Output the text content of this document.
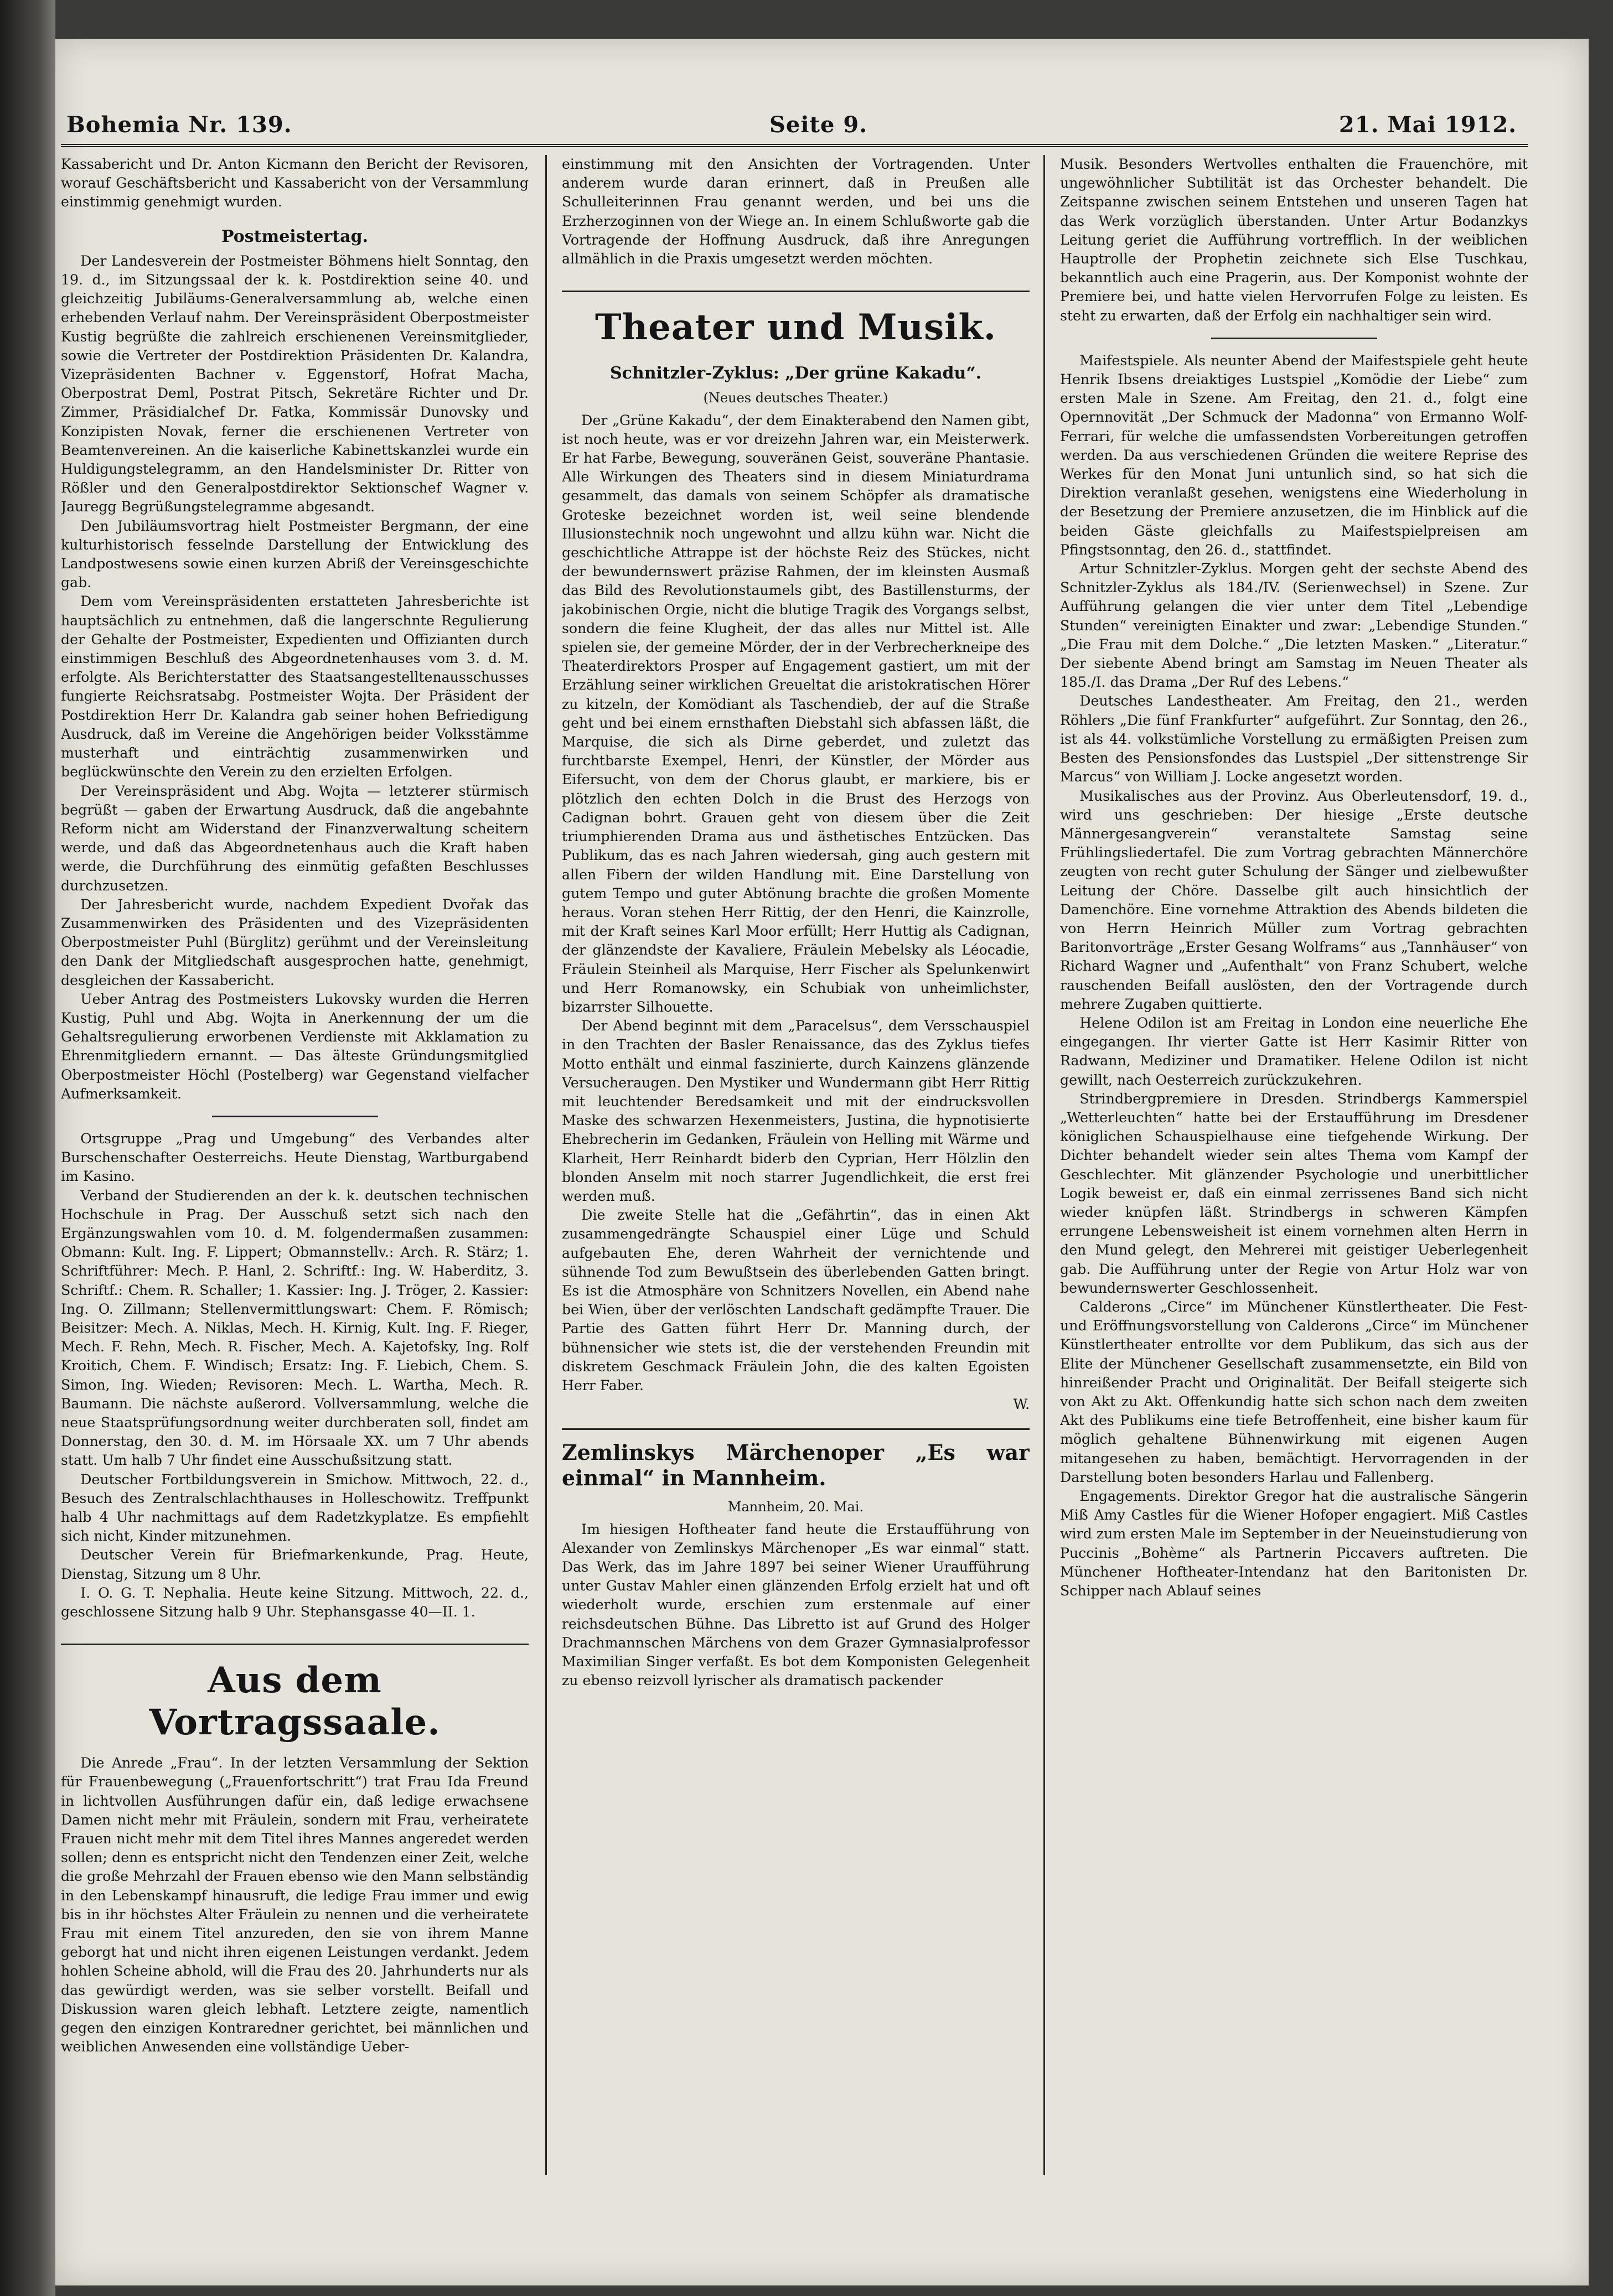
Bohemia Nr. 139.	Seite 9.	21. Mai 1912.

Kassabericht und Dr. Anton Kicmann den Bericht der Revisoren, worauf Geschäftsbericht und Kassabericht von der Versammlung einstimmig genehmigt wurden.

Postmeistertag.

Der Landesverein der Postmeister Böhmens hielt Sonntag, den 19. d., im Sitzungssaal der k. k. Postdirektion seine 40. und gleichzeitig Jubiläums-Generalversammlung ab, welche einen erhebenden Verlauf nahm. Der Vereinspräsident Oberpostmeister Kustig begrüßte die zahlreich erschienenen Vereinsmitglieder, sowie die Vertreter der Postdirektion Präsidenten Dr. Kalandra, Vizepräsidenten Bachner v. Eggenstorf, Hofrat Macha, Oberpostrat Deml, Postrat Pitsch, Sekretäre Richter und Dr. Zimmer, Präsidialchef Dr. Fatka, Kommissär Dunovsky und Konzipisten Novak, ferner die erschienenen Vertreter von Beamtenvereinen. An die kaiserliche Kabinettskanzlei wurde ein Huldigungstelegramm, an den Handelsminister Dr. Ritter von Rößler und den Generalpostdirektor Sektionschef Wagner v. Jauregg Begrüßungstelegramme abgesandt.

Den Jubiläumsvortrag hielt Postmeister Bergmann, der eine kulturhistorisch fesselnde Darstellung der Entwicklung des Landpostwesens sowie einen kurzen Abriß der Vereinsgeschichte gab.

Dem vom Vereinspräsidenten erstatteten Jahresberichte ist hauptsächlich zu entnehmen, daß die langerschnte Regulierung der Gehalte der Postmeister, Expedienten und Offizianten durch einstimmigen Beschluß des Abgeordnetenhauses vom 3. d. M. erfolgte. Als Berichterstatter des Staatsangestelltenausschusses fungierte Reichsratsabg. Postmeister Wojta. Der Präsident der Postdirektion Herr Dr. Kalandra gab seiner hohen Befriedigung Ausdruck, daß im Vereine die Angehörigen beider Volksstämme musterhaft und einträchtig zusammenwirken und beglückwünschte den Verein zu den erzielten Erfolgen.

Der Vereinspräsident und Abg. Wojta — letzterer stürmisch begrüßt — gaben der Erwartung Ausdruck, daß die angebahnte Reform nicht am Widerstand der Finanzverwaltung scheitern werde, und daß das Abgeordnetenhaus auch die Kraft haben werde, die Durchführung des einmütig gefaßten Beschlusses durchzusetzen.

Der Jahresbericht wurde, nachdem Expedient Dvořak das Zusammenwirken des Präsidenten und des Vizepräsidenten Oberpostmeister Puhl (Bürglitz) gerühmt und der Vereinsleitung den Dank der Mitgliedschaft ausgesprochen hatte, genehmigt, desgleichen der Kassabericht.

Ueber Antrag des Postmeisters Lukovsky wurden die Herren Kustig, Puhl und Abg. Wojta in Anerkennung der um die Gehaltsregulierung erworbenen Verdienste mit Akklamation zu Ehrenmitgliedern ernannt. — Das älteste Gründungsmitglied Oberpostmeister Höchl (Postelberg) war Gegenstand vielfacher Aufmerksamkeit.

Ortsgruppe „Prag und Umgebung“ des Verbandes alter Burschenschafter Oesterreichs. Heute Dienstag, Wartburgabend im Kasino.

Verband der Studierenden an der k. k. deutschen technischen Hochschule in Prag. Der Ausschuß setzt sich nach den Ergänzungswahlen vom 10. d. M. folgendermaßen zusammen: Obmann: Kult. Ing. F. Lippert; Obmannstellv.: Arch. R. Stärz; 1. Schriftführer: Mech. P. Hanl, 2. Schriftf.: Ing. W. Haberditz, 3. Schriftf.: Chem. R. Schaller; 1. Kassier: Ing. J. Tröger, 2. Kassier: Ing. O. Zillmann; Stellenvermittlungswart: Chem. F. Römisch; Beisitzer: Mech. A. Niklas, Mech. H. Kirnig, Kult. Ing. F. Rieger, Mech. F. Rehn, Mech. R. Fischer, Mech. A. Kajetofsky, Ing. Rolf Kroitich, Chem. F. Windisch; Ersatz: Ing. F. Liebich, Chem. S. Simon, Ing. Wieden; Revisoren: Mech. L. Wartha, Mech. R. Baumann. Die nächste außerord. Vollversammlung, welche die neue Staatsprüfungsordnung weiter durchberaten soll, findet am Donnerstag, den 30. d. M. im Hörsaale XX. um 7 Uhr abends statt. Um halb 7 Uhr findet eine Ausschußsitzung statt.

Deutscher Fortbildungsverein in Smichow. Mittwoch, 22. d., Besuch des Zentralschlachthauses in Holleschowitz. Treffpunkt halb 4 Uhr nachmittags auf dem Radetzkyplatze. Es empfiehlt sich nicht, Kinder mitzunehmen.

Deutscher Verein für Briefmarkenkunde, Prag. Heute, Dienstag, Sitzung um 8 Uhr.

I. O. G. T. Nephalia. Heute keine Sitzung. Mittwoch, 22. d., geschlossene Sitzung halb 9 Uhr. Stephansgasse 40—II. 1.

Aus dem Vortragssaale.

Die Anrede „Frau“. In der letzten Versammlung der Sektion für Frauenbewegung („Frauenfortschritt“) trat Frau Ida Freund in lichtvollen Ausführungen dafür ein, daß ledige erwachsene Damen nicht mehr mit Fräulein, sondern mit Frau, verheiratete Frauen nicht mehr mit dem Titel ihres Mannes angeredet werden sollen; denn es entspricht nicht den Tendenzen einer Zeit, welche die große Mehrzahl der Frauen ebenso wie den Mann selbständig in den Lebenskampf hinausruft, die ledige Frau immer und ewig bis in ihr höchstes Alter Fräulein zu nennen und die verheiratete Frau mit einem Titel anzureden, den sie von ihrem Manne geborgt hat und nicht ihren eigenen Leistungen verdankt. Jedem hohlen Scheine abhold, will die Frau des 20. Jahrhunderts nur als das gewürdigt werden, was sie selber vorstellt. Beifall und Diskussion waren gleich lebhaft. Letztere zeigte, namentlich gegen den einzigen Kontraredner gerichtet, bei männlichen und weiblichen Anwesenden eine vollständige Ueber-

einstimmung mit den Ansichten der Vortragenden. Unter anderem wurde daran erinnert, daß in Preußen alle Schulleiterinnen Frau genannt werden, und bei uns die Erzherzoginnen von der Wiege an. In einem Schlußworte gab die Vortragende der Hoffnung Ausdruck, daß ihre Anregungen allmählich in die Praxis umgesetzt werden möchten.

Theater und Musik.
Schnitzler-Zyklus: „Der grüne Kakadu“.
(Neues deutsches Theater.)

Der „Grüne Kakadu“, der dem Einakterabend den Namen gibt, ist noch heute, was er vor dreizehn Jahren war, ein Meisterwerk. Er hat Farbe, Bewegung, souveränen Geist, souveräne Phantasie. Alle Wirkungen des Theaters sind in diesem Miniaturdrama gesammelt, das damals von seinem Schöpfer als dramatische Groteske bezeichnet worden ist, weil seine blendende Illusionstechnik noch ungewohnt und allzu kühn war. Nicht die geschichtliche Attrappe ist der höchste Reiz des Stückes, nicht der bewundernswert präzise Rahmen, der im kleinsten Ausmaß das Bild des Revolutionstaumels gibt, des Bastillensturms, der jakobinischen Orgie, nicht die blutige Tragik des Vorgangs selbst, sondern die feine Klugheit, der das alles nur Mittel ist. Alle spielen sie, der gemeine Mörder, der in der Verbrecherkneipe des Theaterdirektors Prosper auf Engagement gastiert, um mit der Erzählung seiner wirklichen Greueltat die aristokratischen Hörer zu kitzeln, der Komödiant als Taschendieb, der auf die Straße geht und bei einem ernsthaften Diebstahl sich abfassen läßt, die Marquise, die sich als Dirne geberdet, und zuletzt das furchtbarste Exempel, Henri, der Künstler, der Mörder aus Eifersucht, von dem der Chorus glaubt, er markiere, bis er plötzlich den echten Dolch in die Brust des Herzogs von Cadignan bohrt. Grauen geht von diesem über die Zeit triumphierenden Drama aus und ästhetisches Entzücken. Das Publikum, das es nach Jahren wiedersah, ging auch gestern mit allen Fibern der wilden Handlung mit. Eine Darstellung von gutem Tempo und guter Abtönung brachte die großen Momente heraus. Voran stehen Herr Rittig, der den Henri, die Kainzrolle, mit der Kraft seines Karl Moor erfüllt; Herr Huttig als Cadignan, der glänzendste der Kavaliere, Fräulein Mebelsky als Léocadie, Fräulein Steinheil als Marquise, Herr Fischer als Spelunkenwirt und Herr Romanowsky, ein Schubiak von unheimlichster, bizarrster Silhouette.

Der Abend beginnt mit dem „Paracelsus“, dem Versschauspiel in den Trachten der Basler Renaissance, das des Zyklus tiefes Motto enthält und einmal faszinierte, durch Kainzens glänzende Versucheraugen. Den Mystiker und Wundermann gibt Herr Rittig mit leuchtender Beredsamkeit und mit der eindrucksvollen Maske des schwarzen Hexenmeisters, Justina, die hypnotisierte Ehebrecherin im Gedanken, Fräulein von Helling mit Wärme und Klarheit, Herr Reinhardt biderb den Cyprian, Herr Hölzlin den blonden Anselm mit noch starrer Jugendlichkeit, die erst frei werden muß.

Die zweite Stelle hat die „Gefährtin“, das in einen Akt zusammengedrängte Schauspiel einer Lüge und Schuld aufgebauten Ehe, deren Wahrheit der vernichtende und sühnende Tod zum Bewußtsein des überlebenden Gatten bringt. Es ist die Atmosphäre von Schnitzers Novellen, ein Abend nahe bei Wien, über der verlöschten Landschaft gedämpfte Trauer. Die Partie des Gatten führt Herr Dr. Manning durch, der bühnensicher wie stets ist, die der verstehenden Freundin mit diskretem Geschmack Fräulein John, die des kalten Egoisten Herr Faber.

W.

Zemlinskys Märchenoper „Es war einmal“ in Mannheim.
Mannheim, 20. Mai.

Im hiesigen Hoftheater fand heute die Erstaufführung von Alexander von Zemlinskys Märchenoper „Es war einmal“ statt. Das Werk, das im Jahre 1897 bei seiner Wiener Uraufführung unter Gustav Mahler einen glänzenden Erfolg erzielt hat und oft wiederholt wurde, erschien zum erstenmale auf einer reichsdeutschen Bühne. Das Libretto ist auf Grund des Holger Drachmannschen Märchens von dem Grazer Gymnasialprofessor Maximilian Singer verfaßt. Es bot dem Komponisten Gelegenheit zu ebenso reizvoll lyrischer als dramatisch packender

Musik. Besonders Wertvolles enthalten die Frauenchöre, mit ungewöhnlicher Subtilität ist das Orchester behandelt. Die Zeitspanne zwischen seinem Entstehen und unseren Tagen hat das Werk vorzüglich überstanden. Unter Artur Bodanzkys Leitung geriet die Aufführung vortrefflich. In der weiblichen Hauptrolle der Prophetin zeichnete sich Else Tuschkau, bekanntlich auch eine Pragerin, aus. Der Komponist wohnte der Premiere bei, und hatte vielen Hervorrufen Folge zu leisten. Es steht zu erwarten, daß der Erfolg ein nachhaltiger sein wird.

Maifestspiele. Als neunter Abend der Maifestspiele geht heute Henrik Ibsens dreiaktiges Lustspiel „Komödie der Liebe“ zum ersten Male in Szene. Am Freitag, den 21. d., folgt eine Opernnovität „Der Schmuck der Madonna“ von Ermanno Wolf-Ferrari, für welche die umfassendsten Vorbereitungen getroffen werden. Da aus verschiedenen Gründen die weitere Reprise des Werkes für den Monat Juni untunlich sind, so hat sich die Direktion veranlaßt gesehen, wenigstens eine Wiederholung in der Besetzung der Premiere anzusetzen, die im Hinblick auf die beiden Gäste gleichfalls zu Maifestspielpreisen am Pfingstsonntag, den 26. d., stattfindet.

Artur Schnitzler-Zyklus. Morgen geht der sechste Abend des Schnitzler-Zyklus als 184./IV. (Serienwechsel) in Szene. Zur Aufführung gelangen die vier unter dem Titel „Lebendige Stunden“ vereinigten Einakter und zwar: „Lebendige Stunden.“ „Die Frau mit dem Dolche.“ „Die letzten Masken.“ „Literatur.“ Der siebente Abend bringt am Samstag im Neuen Theater als 185./I. das Drama „Der Ruf des Lebens.“

Deutsches Landestheater. Am Freitag, den 21., werden Röhlers „Die fünf Frankfurter“ aufgeführt. Zur Sonntag, den 26., ist als 44. volkstümliche Vorstellung zu ermäßigten Preisen zum Besten des Pensionsfondes das Lustspiel „Der sittenstrenge Sir Marcus“ von William J. Locke angesetzt worden.

Musikalisches aus der Provinz. Aus Oberleutensdorf, 19. d., wird uns geschrieben: Der hiesige „Erste deutsche Männergesangverein“ veranstaltete Samstag seine Frühlingsliedertafel. Die zum Vortrag gebrachten Männerchöre zeugten von recht guter Schulung der Sänger und zielbewußter Leitung der Chöre. Dasselbe gilt auch hinsichtlich der Damenchöre. Eine vornehme Attraktion des Abends bildeten die von Herrn Heinrich Müller zum Vortrag gebrachten Baritonvorträge „Erster Gesang Wolframs“ aus „Tannhäuser“ von Richard Wagner und „Aufenthalt“ von Franz Schubert, welche rauschenden Beifall auslösten, den der Vortragende durch mehrere Zugaben quittierte.

Helene Odilon ist am Freitag in London eine neuerliche Ehe eingegangen. Ihr vierter Gatte ist Herr Kasimir Ritter von Radwann, Mediziner und Dramatiker. Helene Odilon ist nicht gewillt, nach Oesterreich zurückzukehren.

Strindbergpremiere in Dresden. Strindbergs Kammerspiel „Wetterleuchten“ hatte bei der Erstaufführung im Dresdener königlichen Schauspielhause eine tiefgehende Wirkung. Der Dichter behandelt wieder sein altes Thema vom Kampf der Geschlechter. Mit glänzender Psychologie und unerbittlicher Logik beweist er, daß ein einmal zerrissenes Band sich nicht wieder knüpfen läßt. Strindbergs in schweren Kämpfen errungene Lebensweisheit ist einem vornehmen alten Herrn in den Mund gelegt, den Mehrerei mit geistiger Ueberlegenheit gab. Die Aufführung unter der Regie von Artur Holz war von bewundernswerter Geschlossenheit.

Calderons „Circe“ im Münchener Künstlertheater. Die Fest- und Eröffnungsvorstellung von Calderons „Circe“ im Münchener Künstlertheater entrollte vor dem Publikum, das sich aus der Elite der Münchener Gesellschaft zusammensetzte, ein Bild von hinreißender Pracht und Originalität. Der Beifall steigerte sich von Akt zu Akt. Offenkundig hatte sich schon nach dem zweiten Akt des Publikums eine tiefe Betroffenheit, eine bisher kaum für möglich gehaltene Bühnenwirkung mit eigenen Augen mitangesehen zu haben, bemächtigt. Hervorragenden in der Darstellung boten besonders Harlau und Fallenberg.

Engagements. Direktor Gregor hat die australische Sängerin Miß Amy Castles für die Wiener Hofoper engagiert. Miß Castles wird zum ersten Male im September in der Neueinstudierung von Puccinis „Bohème“ als Partnerin Piccavers auftreten. Die Münchener Hoftheater-Intendanz hat den Baritonisten Dr. Schipper nach Ablauf seines
